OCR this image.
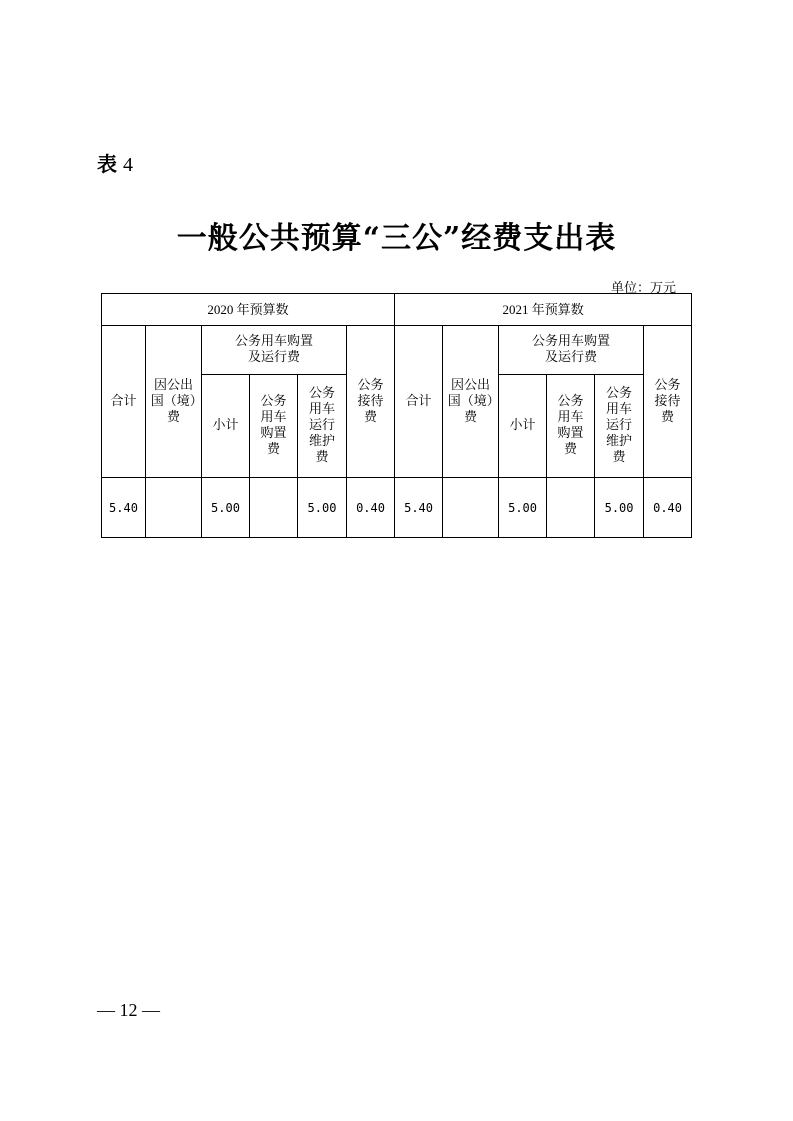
表 4
一般公共预算“三公”经费支出表
单位：万元
2020 年预算数						2021 年预算数					
合计	因公出国（境）费	公务用车购置及运行费			公务接待费	合计	因公出国（境）费	公务用车购置及运行费			公务接待费
		小计	公务用车购置费	公务用车运行维护费				小计	公务用车购置费	公务用车运行维护费	
5.40		5.00		5.00	0.40	5.40		5.00		5.00	0.40
— 12 —
